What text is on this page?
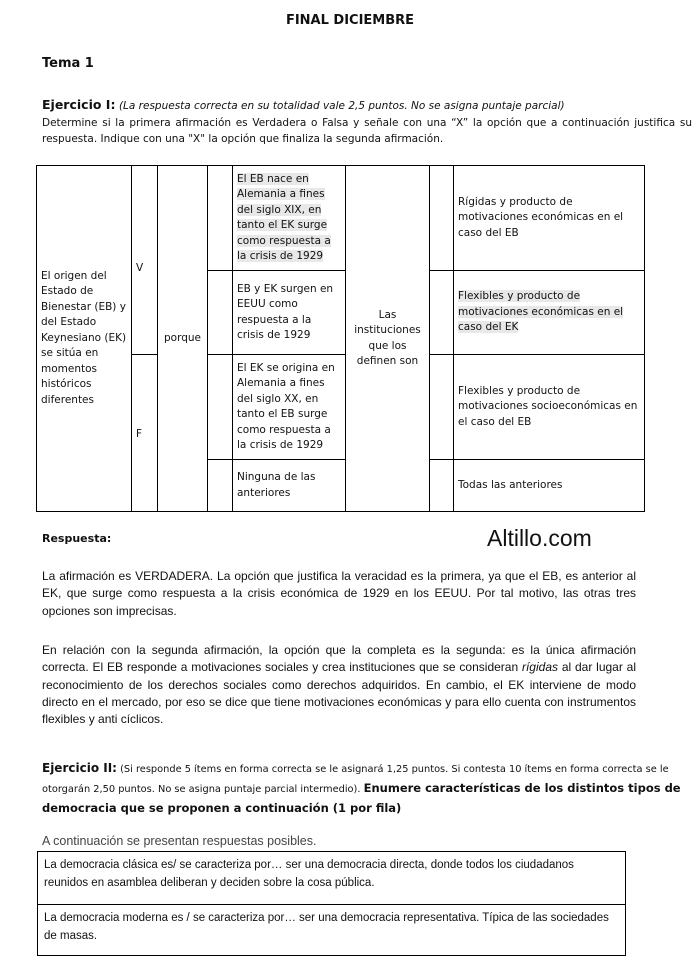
FINAL DICIEMBRE
Tema 1
Ejercicio I: (La respuesta correcta en su totalidad vale 2,5 puntos. No se asigna puntaje parcial)
Determine si la primera afirmación es Verdadera o Falsa y señale con una “X” la opción que a continuación justifica su respuesta. Indique con una "X" la opción que finaliza la segunda afirmación.
El origen del Estado de Bienestar (EB) y del Estado Keynesiano (EK) se sitúa en momentos históricos diferentes	V	porque		El EB nace en Alemania a fines del siglo XIX, en tanto el EK surge como respuesta a la crisis de 1929	Las instituciones que los definen son		Rígidas y producto de motivaciones económicas en el caso del EB
				EB y EK surgen en EEUU como respuesta a la crisis de 1929			Flexibles y producto de motivaciones económicas en el caso del EK
	F			El EK se origina en Alemania a fines del siglo XX, en tanto el EB surge como respuesta a la crisis de 1929			Flexibles y producto de motivaciones socioeconómicas en el caso del EB
				Ninguna de las anteriores			Todas las anteriores
Respuesta:	Altillo.com
La afirmación es VERDADERA. La opción que justifica la veracidad es la primera, ya que el EB, es anterior al EK, que surge como respuesta a la crisis económica de 1929 en los EEUU. Por tal motivo, las otras tres opciones son imprecisas.
En relación con la segunda afirmación, la opción que la completa es la segunda: es la única afirmación correcta. El EB responde a motivaciones sociales y crea instituciones que se consideran rígidas al dar lugar al reconocimiento de los derechos sociales como derechos adquiridos. En cambio, el EK interviene de modo directo en el mercado, por eso se dice que tiene motivaciones económicas y para ello cuenta con instrumentos flexibles y anti cíclicos.
Ejercicio II: (Si responde 5 ítems en forma correcta se le asignará 1,25 puntos. Si contesta 10 ítems en forma correcta se le otorgarán 2,50 puntos. No se asigna puntaje parcial intermedio). Enumere características de los distintos tipos de democracia que se proponen a continuación (1 por fila)
A continuación se presentan respuestas posibles.
La democracia clásica es/ se caracteriza por… ser una democracia directa, donde todos los ciudadanos reunidos en asamblea deliberan y deciden sobre la cosa pública.
La democracia moderna es / se caracteriza por… ser una democracia representativa. Típica de las sociedades de masas.
